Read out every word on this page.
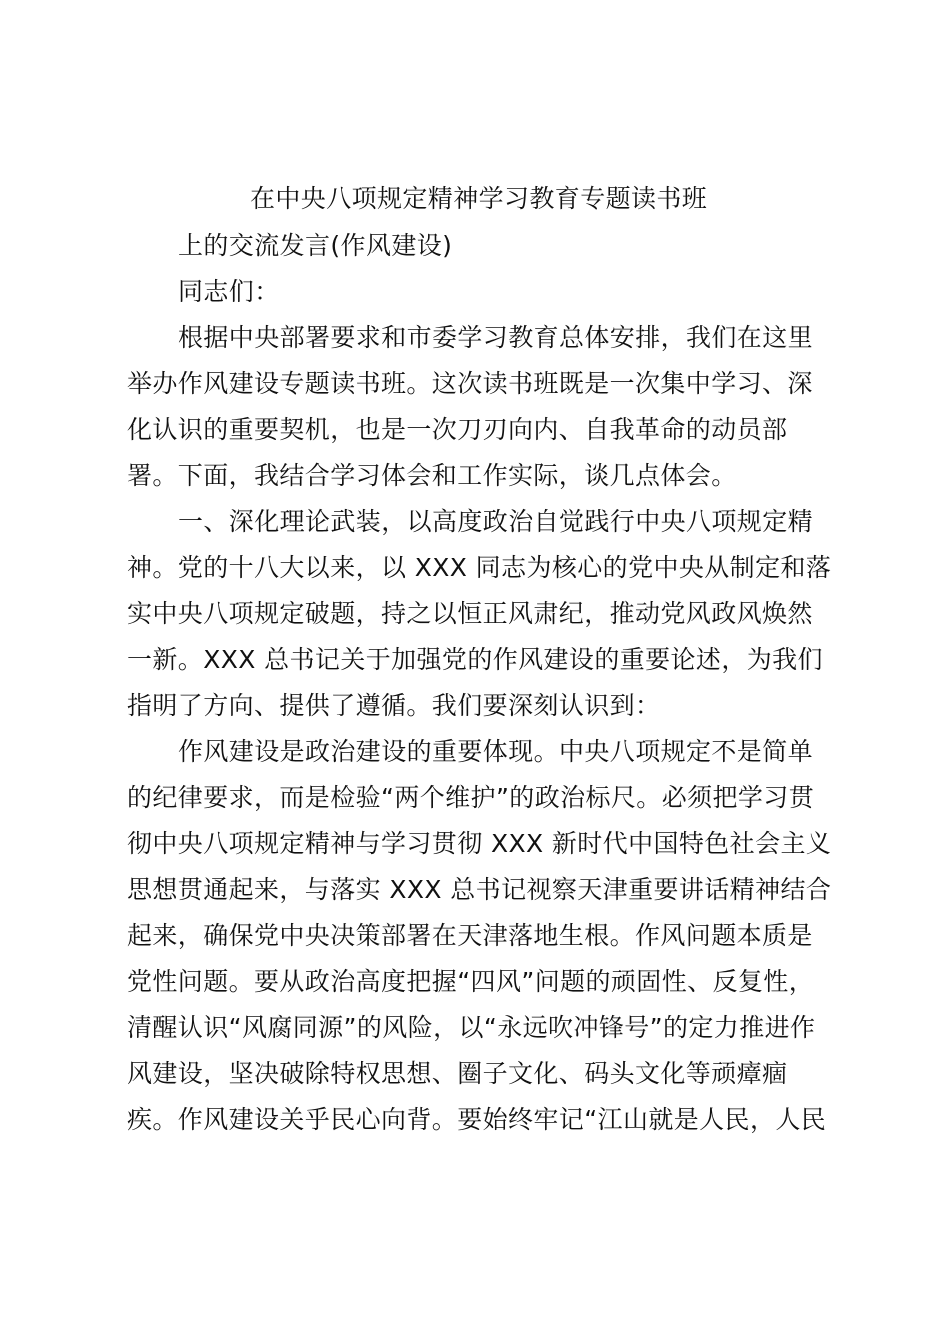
在中央八项规定精神学习教育专题读书班
上的交流发言(作风建设)
同志们：
根据中央部署要求和市委学习教育总体安排，我们在这里
举办作风建设专题读书班。这次读书班既是一次集中学习、深
化认识的重要契机，也是一次刀刃向内、自我革命的动员部
署。下面，我结合学习体会和工作实际，谈几点体会。
一、深化理论武装，以高度政治自觉践行中央八项规定精
神。党的十八大以来，以 XXX 同志为核心的党中央从制定和落
实中央八项规定破题，持之以恒正风肃纪，推动党风政风焕然
一新。XXX 总书记关于加强党的作风建设的重要论述，为我们
指明了方向、提供了遵循。我们要深刻认识到：
作风建设是政治建设的重要体现。中央八项规定不是简单
的纪律要求，而是检验“两个维护”的政治标尺。必须把学习贯
彻中央八项规定精神与学习贯彻 XXX 新时代中国特色社会主义
思想贯通起来，与落实 XXX 总书记视察天津重要讲话精神结合
起来，确保党中央决策部署在天津落地生根。作风问题本质是
党性问题。要从政治高度把握“四风”问题的顽固性、反复性，
清醒认识“风腐同源”的风险，以“永远吹冲锋号”的定力推进作
风建设，坚决破除特权思想、圈子文化、码头文化等顽瘴痼
疾。作风建设关乎民心向背。要始终牢记“江山就是人民，人民
